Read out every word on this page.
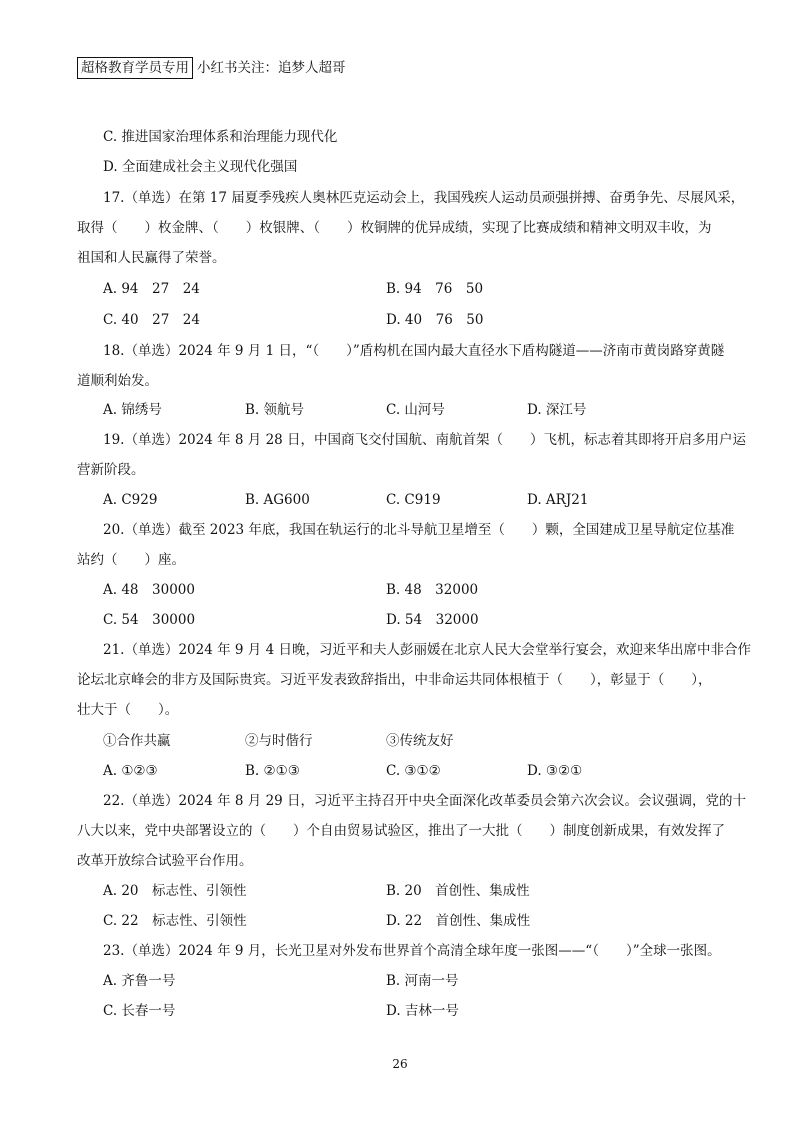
超格教育学员专用 小红书关注：追梦人超哥
C. 推进国家治理体系和治理能力现代化
D. 全面建成社会主义现代化强国
17.（单选）在第 17 届夏季残疾人奥林匹克运动会上，我国残疾人运动员顽强拼搏、奋勇争先、尽展风采，
取得（　　）枚金牌、（　　）枚银牌、（　　）枚铜牌的优异成绩，实现了比赛成绩和精神文明双丰收，为
祖国和人民赢得了荣誉。
A. 94　27　24	B. 94　76　50
C. 40　27　24	D. 40　76　50
18.（单选）2024 年 9 月 1 日，“（　　）”盾构机在国内最大直径水下盾构隧道——济南市黄岗路穿黄隧
道顺利始发。
A. 锦绣号	B. 领航号	C. 山河号	D. 深江号
19.（单选）2024 年 8 月 28 日，中国商飞交付国航、南航首架（　　）飞机，标志着其即将开启多用户运
营新阶段。
A. C929	B. AG600	C. C919	D. ARJ21
20.（单选）截至 2023 年底，我国在轨运行的北斗导航卫星增至（　　）颗，全国建成卫星导航定位基准
站约（　　）座。
A. 48　30000	B. 48　32000
C. 54　30000	D. 54　32000
21.（单选）2024 年 9 月 4 日晚，习近平和夫人彭丽媛在北京人民大会堂举行宴会，欢迎来华出席中非合作
论坛北京峰会的非方及国际贵宾。习近平发表致辞指出，中非命运共同体根植于（　　），彰显于（　　），
壮大于（　　）。
①合作共赢	②与时偕行	③传统友好
A. ①②③	B. ②①③	C. ③①②	D. ③②①
22.（单选）2024 年 8 月 29 日，习近平主持召开中央全面深化改革委员会第六次会议。会议强调，党的十
八大以来，党中央部署设立的（　　）个自由贸易试验区，推出了一大批（　　）制度创新成果，有效发挥了
改革开放综合试验平台作用。
A. 20　标志性、引领性	B. 20　首创性、集成性
C. 22　标志性、引领性	D. 22　首创性、集成性
23.（单选）2024 年 9 月，长光卫星对外发布世界首个高清全球年度一张图——“（　　）”全球一张图。
A. 齐鲁一号	B. 河南一号
C. 长春一号	D. 吉林一号
26
